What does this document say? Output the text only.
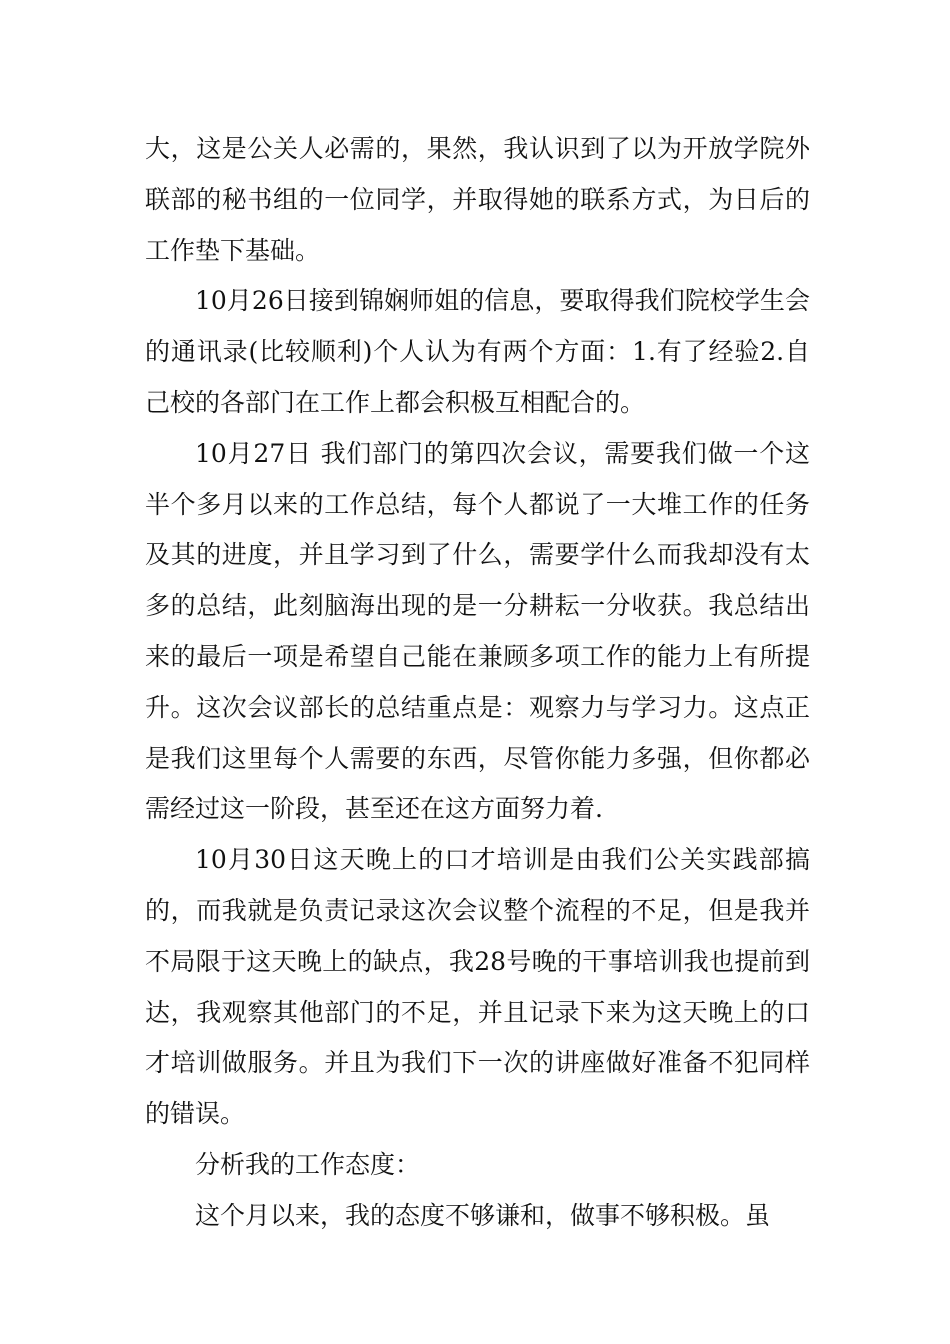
大，这是公关人必需的，果然，我认识到了以为开放学院外联部的秘书组的一位同学，并取得她的联系方式，为日后的工作垫下基础。

10月26日接到锦娴师姐的信息，要取得我们院校学生会的通讯录(比较顺利)个人认为有两个方面：1.有了经验2.自己校的各部门在工作上都会积极互相配合的。

10月27日 我们部门的第四次会议，需要我们做一个这半个多月以来的工作总结，每个人都说了一大堆工作的任务及其的进度，并且学习到了什么，需要学什么而我却没有太多的总结，此刻脑海出现的是一分耕耘一分收获。我总结出来的最后一项是希望自己能在兼顾多项工作的能力上有所提升。这次会议部长的总结重点是：观察力与学习力。这点正是我们这里每个人需要的东西，尽管你能力多强，但你都必需经过这一阶段，甚至还在这方面努力着.

10月30日这天晚上的口才培训是由我们公关实践部搞的，而我就是负责记录这次会议整个流程的不足，但是我并不局限于这天晚上的缺点，我28号晚的干事培训我也提前到达，我观察其他部门的不足，并且记录下来为这天晚上的口才培训做服务。并且为我们下一次的讲座做好准备不犯同样的错误。

分析我的工作态度：

这个月以来，我的态度不够谦和，做事不够积极。虽
